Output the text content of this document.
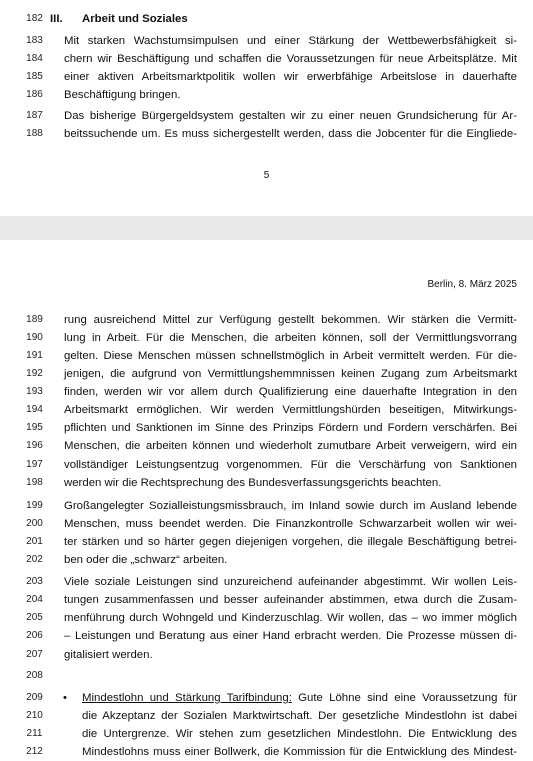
182 III. Arbeit und Soziales
183	Mit starken Wachstumsimpulsen und einer Stärkung der Wettbewerbsfähigkeit si-
184	chern wir Beschäftigung und schaffen die Voraussetzungen für neue Arbeitsplätze. Mit
185	einer aktiven Arbeitsmarktpolitik wollen wir erwerbfähige Arbeitslose in dauerhafte
186	Beschäftigung bringen.
187	Das bisherige Bürgergeldsystem gestalten wir zu einer neuen Grundsicherung für Ar-
188	beitssuchende um. Es muss sichergestellt werden, dass die Jobcenter für die Eingliede-
5
Berlin, 8. März 2025
189	rung ausreichend Mittel zur Verfügung gestellt bekommen. Wir stärken die Vermitt-
190	lung in Arbeit. Für die Menschen, die arbeiten können, soll der Vermittlungsvorrang
191	gelten. Diese Menschen müssen schnellstmöglich in Arbeit vermittelt werden. Für die-
192	jenigen, die aufgrund von Vermittlungshemmnissen keinen Zugang zum Arbeitsmarkt
193	finden, werden wir vor allem durch Qualifizierung eine dauerhafte Integration in den
194	Arbeitsmarkt ermöglichen. Wir werden Vermittlungshürden beseitigen, Mitwirkungs-
195	pflichten und Sanktionen im Sinne des Prinzips Fördern und Fordern verschärfen. Bei
196	Menschen, die arbeiten können und wiederholt zumutbare Arbeit verweigern, wird ein
197	vollständiger Leistungsentzug vorgenommen. Für die Verschärfung von Sanktionen
198	werden wir die Rechtsprechung des Bundesverfassungsgerichts beachten.
199	Großangelegter Sozialleistungsmissbrauch, im Inland sowie durch im Ausland lebende
200	Menschen, muss beendet werden. Die Finanzkontrolle Schwarzarbeit wollen wir wei-
201	ter stärken und so härter gegen diejenigen vorgehen, die illegale Beschäftigung betrei-
202	ben oder die „schwarz“ arbeiten.
203	Viele soziale Leistungen sind unzureichend aufeinander abgestimmt. Wir wollen Leis-
204	tungen zusammenfassen und besser aufeinander abstimmen, etwa durch die Zusam-
205	menführung durch Wohngeld und Kinderzuschlag. Wir wollen, das – wo immer möglich
206	– Leistungen und Beratung aus einer Hand erbracht werden. Die Prozesse müssen di-
207	gitalisiert werden.
208
209	• Mindestlohn und Stärkung Tarifbindung: Gute Löhne sind eine Voraussetzung für
210	die Akzeptanz der Sozialen Marktwirtschaft. Der gesetzliche Mindestlohn ist dabei
211	die Untergrenze. Wir stehen zum gesetzlichen Mindestlohn. Die Entwicklung des
212	Mindestlohns muss einer Bollwerk, die Kommission für die Entwicklung des Mindest-
